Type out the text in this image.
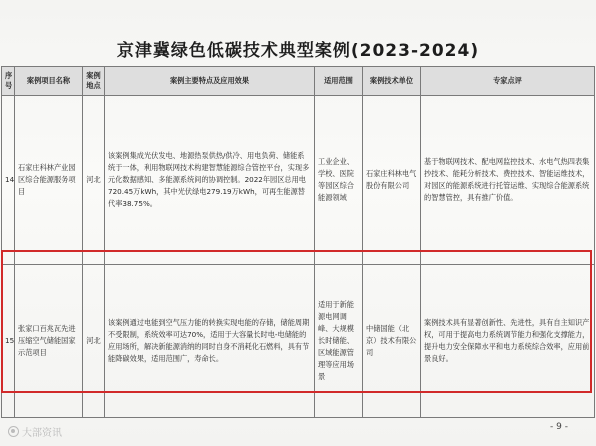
京津冀绿色低碳技术典型案例(2023-2024)
序号	案例项目名称	案例地点	案例主要特点及应用效果	适用范围	案例技术单位	专家点评
14	石家庄科林产业园区综合能源服务项目	河北	该案例集成光伏发电、地源热泵供热/供冷、用电负荷、储能系统于一体，利用物联网技术构建智慧能源综合管控平台，实现多元化数据感知、多能源系统间的协调控制。2022年园区总用电720.45万kWh，其中光伏绿电279.19万kWh，可再生能源替代率38.75%。	工业企业、学校、医院等园区综合能源领域	石家庄科林电气股份有限公司	基于物联网技术、配电网监控技术、水电气热四表集抄技术、能耗分析技术、费控技术、智能运维技术，对园区的能源系统进行托管运维、实现综合能源系统的智慧管控，具有推广价值。
15	张家口百兆瓦先进压缩空气储能国家示范项目	河北	该案例通过电能到空气压力能的转换实现电能的存储，储能周期不受限制，系统效率可达70%，适用于大容量长时电-电储能的应用场所，解决新能源消纳的同时自身不消耗化石燃料，具有节能降碳效果，适用范围广，寿命长。	适用于新能源电网调峰、大规模长时储能、区域能源管理等应用场景	中储国能（北京）技术有限公司	案例技术具有显著创新性、先进性，具有自主知识产权，可用于提高电力系统调节能力和强化支撑能力，提升电力安全保障水平和电力系统综合效率，应用前景良好。
- 9 -
大部资讯
